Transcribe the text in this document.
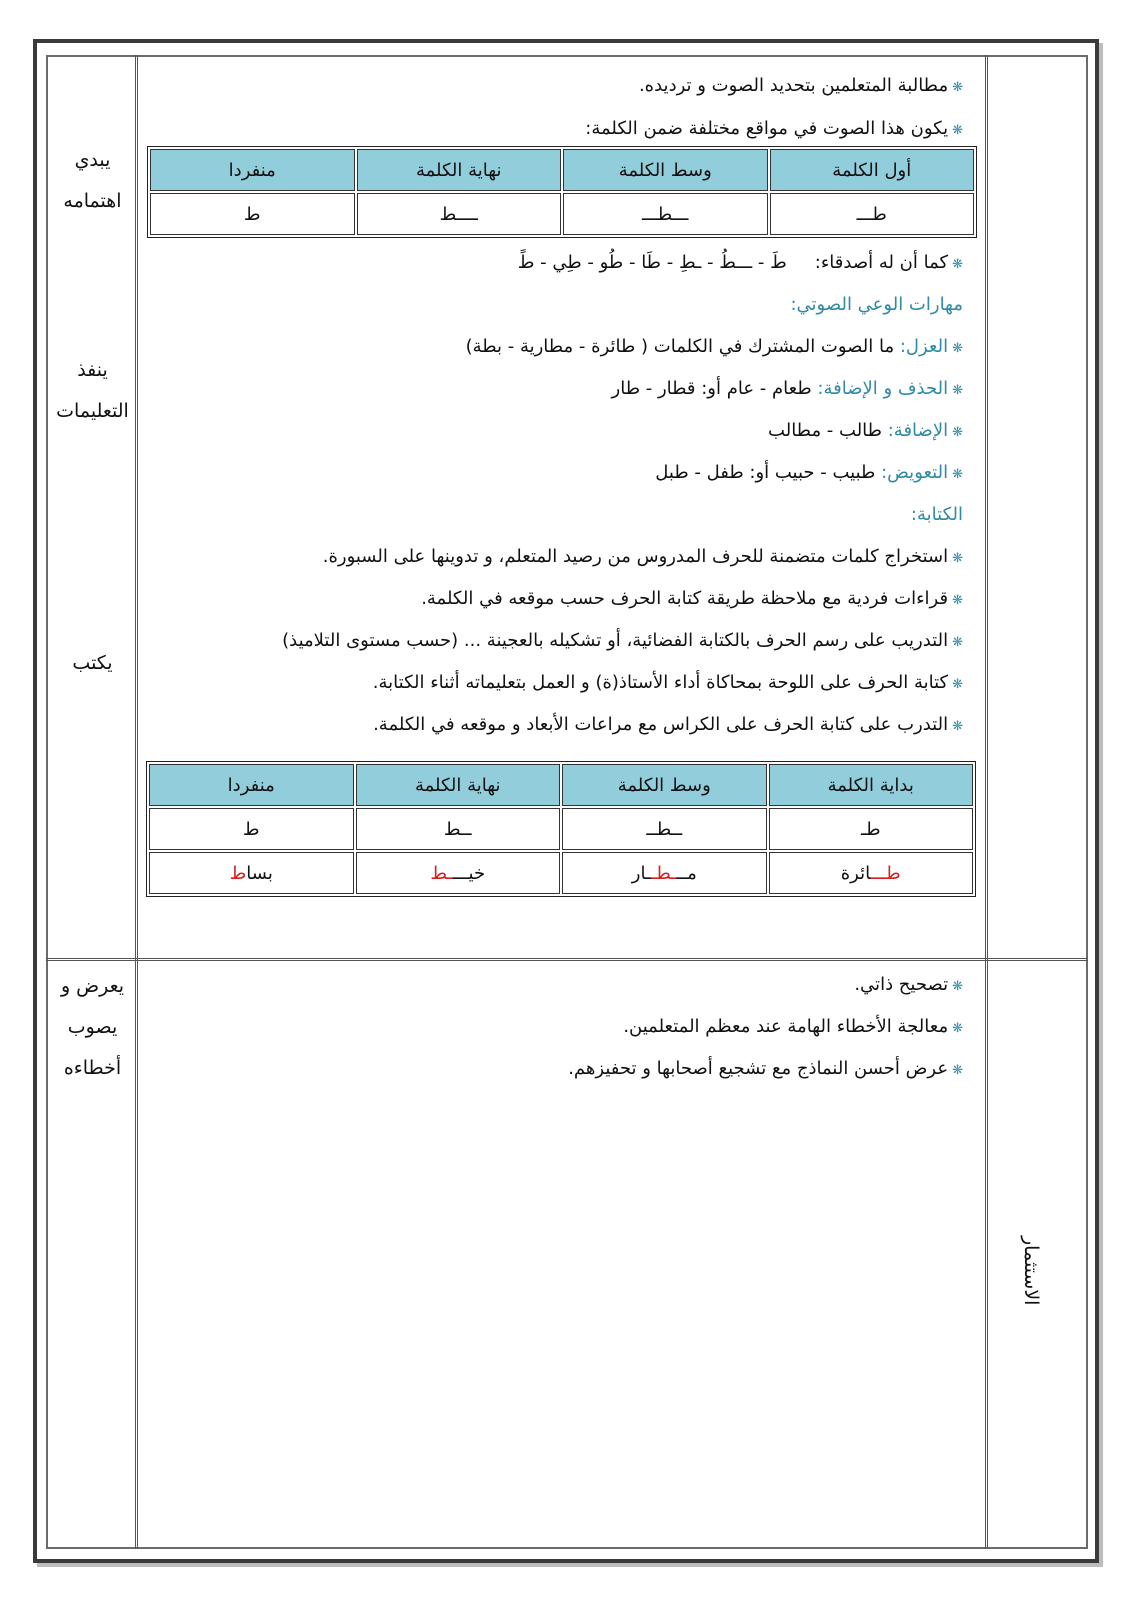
يبدي
اهتمامه
ينفذ
التعليمات
يكتب
يعرض و
يصوب
أخطاءه
الاستثمار
❋مطالبة المتعلمين بتحديد الصوت و ترديده.
❋يكون هذا الصوت في مواقع مختلفة ضمن الكلمة:
أول الكلمة	وسط الكلمة	نهاية الكلمة	منفردا
طـــ	ـــطـــ	ــــط	ط
❋كما أن له أصدقاء:طَ - ـــطُ - ـطِ - طَا - طُو - طِي - طً
مهارات الوعي الصوتي:
❋العزل: ما الصوت المشترك في الكلمات ( طائرة - مطارية - بطة)
❋الحذف و الإضافة: طعام - عام أو: قطار - طار
❋الإضافة: طالب - مطالب
❋التعويض: طبيب - حبيب أو: طفل - طبل
الكتابة:
❋استخراج كلمات متضمنة للحرف المدروس من رصيد المتعلم، و تدوينها على السبورة.
❋قراءات فردية مع ملاحظة طريقة كتابة الحرف حسب موقعه في الكلمة.
❋التدريب على رسم الحرف بالكتابة الفضائية، أو تشكيله بالعجينة ... (حسب مستوى التلاميذ)
❋كتابة الحرف على اللوحة بمحاكاة أداء الأستاذ(ة) و العمل بتعليماته أثناء الكتابة.
❋التدرب على كتابة الحرف على الكراس مع مراعات الأبعاد و موقعه في الكلمة.
بداية الكلمة	وسط الكلمة	نهاية الكلمة	منفردا
طـ	ــطــ	ــط	ط
طـــائرة	مـــطــار	خيــــط	بساط
❋تصحيح ذاتي.
❋معالجة الأخطاء الهامة عند معظم المتعلمين.
❋عرض أحسن النماذج مع تشجيع أصحابها و تحفيزهم.
